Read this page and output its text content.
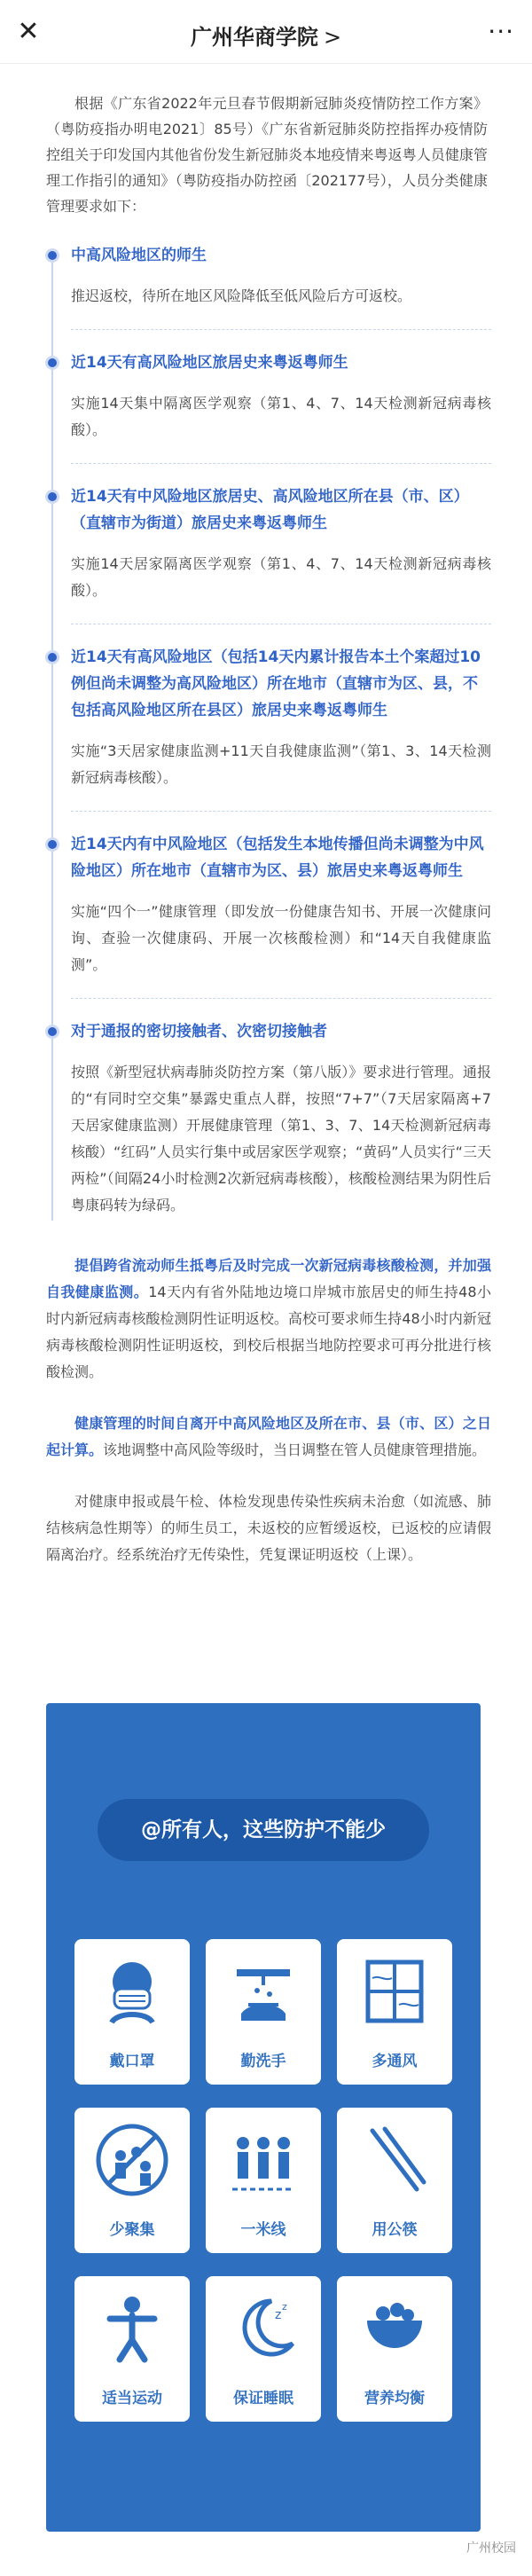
✕	广州华商学院 >	···
根据《广东省2022年元旦春节假期新冠肺炎疫情防控工作方案》（粤防疫指办明电2021〕85号）《广东省新冠肺炎防控指挥办疫情防控组关于印发国内其他省份发生新冠肺炎本地疫情来粤返粤人员健康管理工作指引的通知》（粤防疫指办防控函〔202177号），人员分类健康管理要求如下：
中高风险地区的师生
推迟返校，待所在地区风险降低至低风险后方可返校。
近14天有高风险地区旅居史来粤返粤师生
实施14天集中隔离医学观察（第1、4、7、14天检测新冠病毒核酸）。
近14天有中风险地区旅居史、高风险地区所在县（市、区）（直辖市为街道）旅居史来粤返粤师生
实施14天居家隔离医学观察（第1、4、7、14天检测新冠病毒核酸）。
近14天有高风险地区（包括14天内累计报告本土个案超过10例但尚未调整为高风险地区）所在地市（直辖市为区、县，不包括高风险地区所在县区）旅居史来粤返粤师生
实施“3天居家健康监测+11天自我健康监测”（第1、3、14天检测新冠病毒核酸）。
近14天内有中风险地区（包括发生本地传播但尚未调整为中风险地区）所在地市（直辖市为区、县）旅居史来粤返粤师生
实施“四个一”健康管理（即发放一份健康告知书、开展一次健康问询、查验一次健康码、开展一次核酸检测）和“14天自我健康监测”。
对于通报的密切接触者、次密切接触者
按照《新型冠状病毒肺炎防控方案（第八版）》要求进行管理。通报的“有同时空交集”暴露史重点人群，按照“7+7”（7天居家隔离+7天居家健康监测）开展健康管理（第1、3、7、14天检测新冠病毒核酸）“红码”人员实行集中或居家医学观察；“黄码”人员实行“三天两检”（间隔24小时检测2次新冠病毒核酸），核酸检测结果为阴性后粤康码转为绿码。
提倡跨省流动师生抵粤后及时完成一次新冠病毒核酸检测，并加强自我健康监测。14天内有省外陆地边境口岸城市旅居史的师生持48小时内新冠病毒核酸检测阴性证明返校。高校可要求师生持48小时内新冠病毒核酸检测阴性证明返校，到校后根据当地防控要求可再分批进行核酸检测。
健康管理的时间自离开中高风险地区及所在市、县（市、区）之日起计算。该地调整中高风险等级时，当日调整在管人员健康管理措施。
对健康申报或晨午检、体检发现患传染性疾病未治愈（如流感、肺结核病急性期等）的师生员工，未返校的应暂缓返校，已返校的应请假隔离治疗。经系统治疗无传染性，凭复课证明返校（上课）。
@所有人，这些防护不能少
戴口罩	勤洗手	多通风
少聚集	一米线	用公筷
适当运动
z
z
保证睡眠	营养均衡
广州校园
